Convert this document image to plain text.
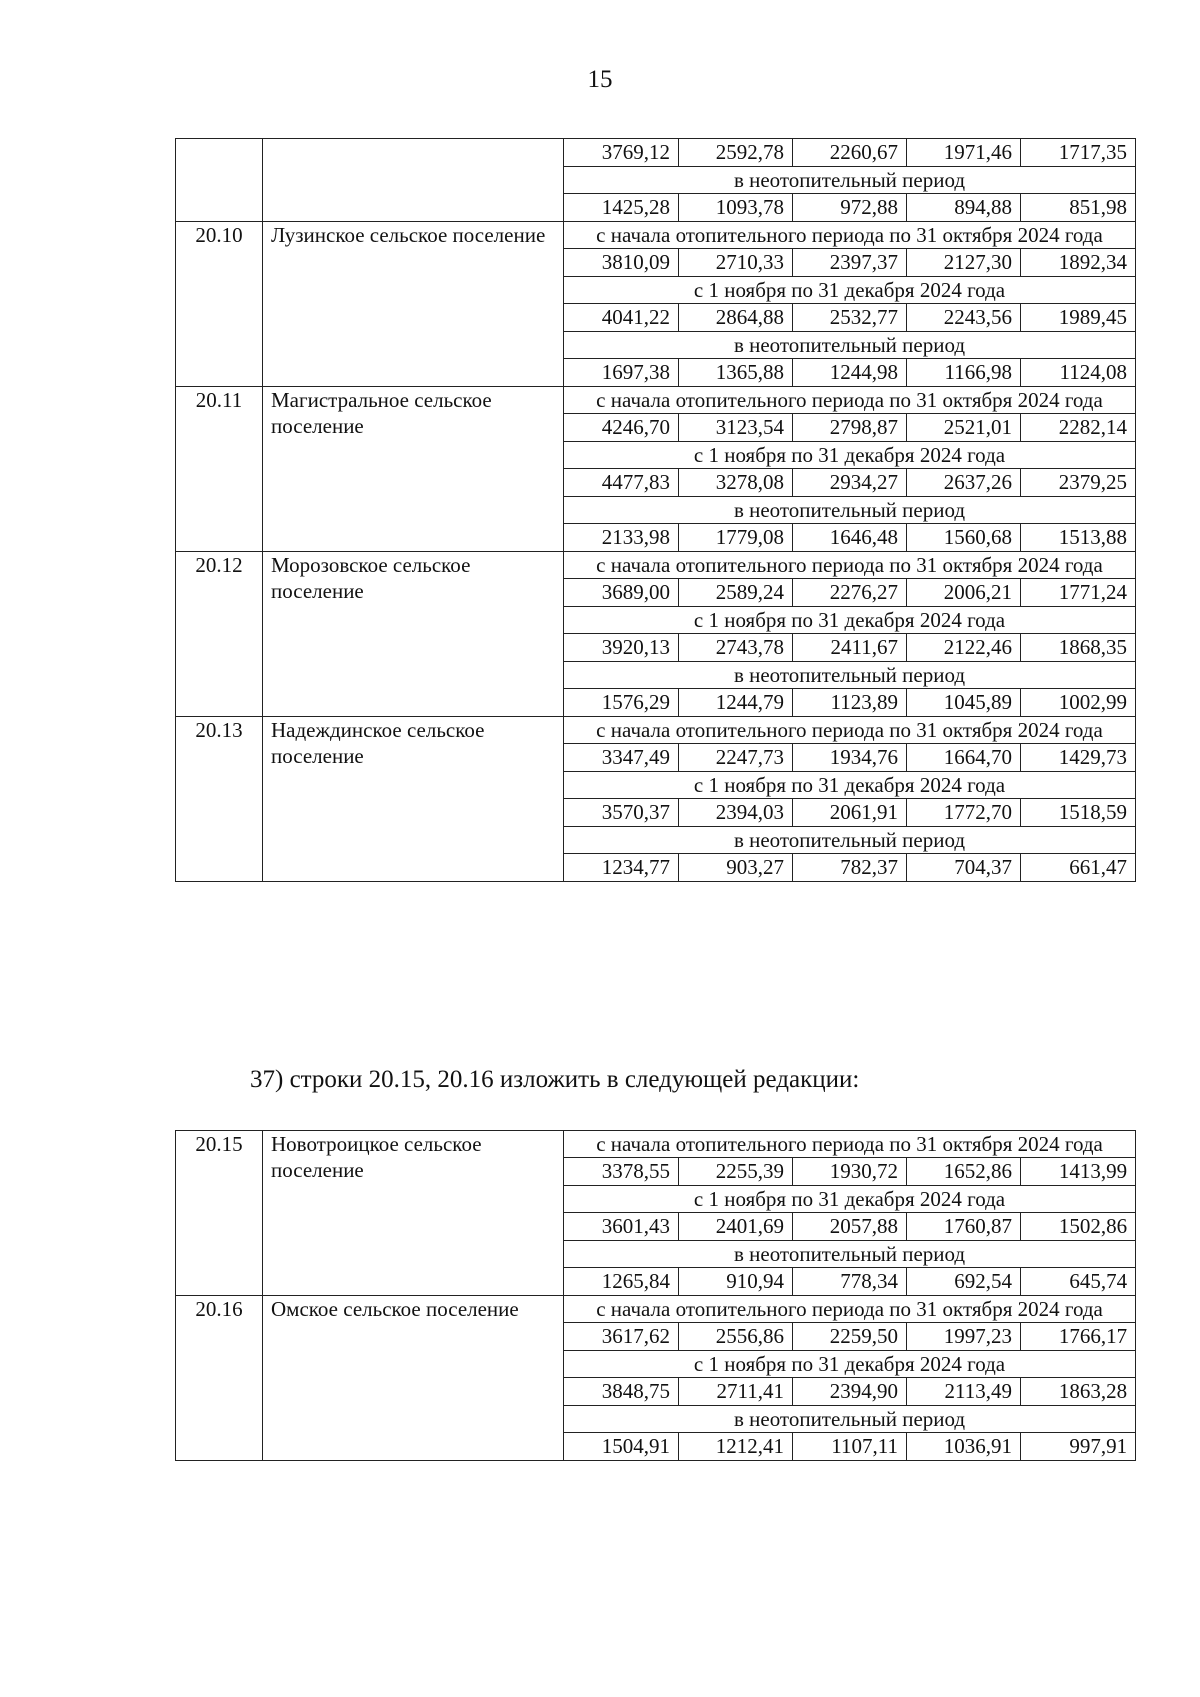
15
		3769,12	2592,78	2260,67	1971,46	1717,35
		в неотопительный период				
		1425,28	1093,78	972,88	894,88	851,98
20.10	Лузинское сельское поселение	с начала отопительного периода по 31 октября 2024 года				
		3810,09	2710,33	2397,37	2127,30	1892,34
		с 1 ноября по 31 декабря 2024 года				
		4041,22	2864,88	2532,77	2243,56	1989,45
		в неотопительный период				
		1697,38	1365,88	1244,98	1166,98	1124,08
20.11	Магистральное сельское поселение	с начала отопительного периода по 31 октября 2024 года				
		4246,70	3123,54	2798,87	2521,01	2282,14
		с 1 ноября по 31 декабря 2024 года				
		4477,83	3278,08	2934,27	2637,26	2379,25
		в неотопительный период				
		2133,98	1779,08	1646,48	1560,68	1513,88
20.12	Морозовское сельское поселение	с начала отопительного периода по 31 октября 2024 года				
		3689,00	2589,24	2276,27	2006,21	1771,24
		с 1 ноября по 31 декабря 2024 года				
		3920,13	2743,78	2411,67	2122,46	1868,35
		в неотопительный период				
		1576,29	1244,79	1123,89	1045,89	1002,99
20.13	Надеждинское сельское поселение	с начала отопительного периода по 31 октября 2024 года				
		3347,49	2247,73	1934,76	1664,70	1429,73
		с 1 ноября по 31 декабря 2024 года				
		3570,37	2394,03	2061,91	1772,70	1518,59
		в неотопительный период				
		1234,77	903,27	782,37	704,37	661,47
37) строки 20.15, 20.16 изложить в следующей редакции:
20.15	Новотроицкое сельское поселение	с начала отопительного периода по 31 октября 2024 года				
		3378,55	2255,39	1930,72	1652,86	1413,99
		с 1 ноября по 31 декабря 2024 года				
		3601,43	2401,69	2057,88	1760,87	1502,86
		в неотопительный период				
		1265,84	910,94	778,34	692,54	645,74
20.16	Омское сельское поселение	с начала отопительного периода по 31 октября 2024 года				
		3617,62	2556,86	2259,50	1997,23	1766,17
		с 1 ноября по 31 декабря 2024 года				
		3848,75	2711,41	2394,90	2113,49	1863,28
		в неотопительный период				
		1504,91	1212,41	1107,11	1036,91	997,91
